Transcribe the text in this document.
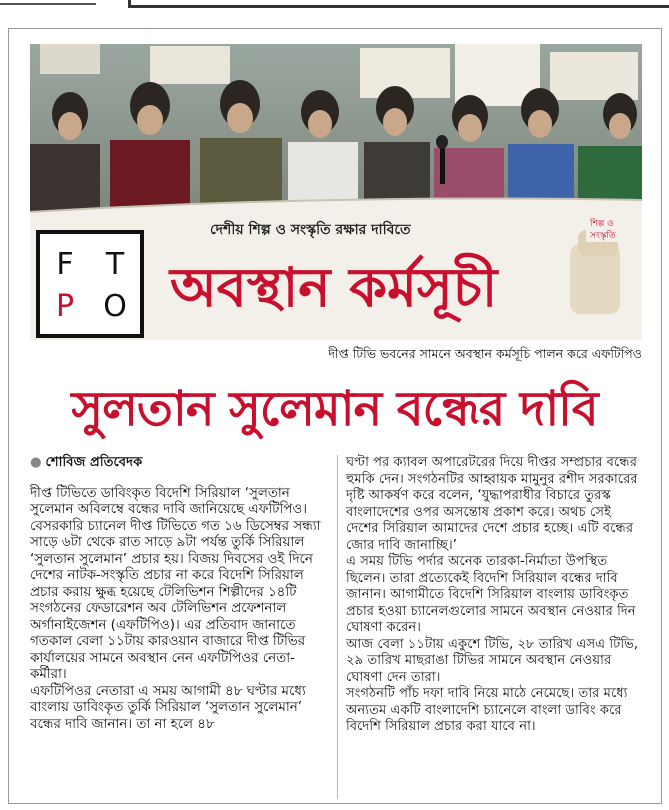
শিল্প ও
সংস্কৃতি
F T
P O
দেশীয় শিল্প ও সংস্কৃতি রক্ষার দাবিতে
অবস্থান কর্মসূচী
দীপ্ত টিভি ভবনের সামনে অবস্থান কর্মসূচি পালন করে এফটিপিও
সুলতান সুলেমান বন্ধের দাবি

● শোবিজ প্রতিবেদক

দীপ্ত টিভিতে ডাবিংকৃত বিদেশি সিরিয়াল ‘সুলতান সুলেমান অবিলম্বে বন্ধের দাবি জানিয়েছে এফটিপিও।

বেসরকারি চ্যানেল দীপ্ত টিভিতে গত ১৬ ডিসেম্বর সন্ধ্যা সাড়ে ৬টা থেকে রাত সাড়ে ৯টা পর্যন্ত তুর্কি সিরিয়াল ‘সুলতান সুলেমান’ প্রচার হয়। বিজয় দিবসের ওই দিনে দেশের নাটক-সংস্কৃতি প্রচার না করে বিদেশি সিরিয়াল প্রচার করায় ক্ষুব্ধ হয়েছে টেলিভিশন শিল্পীদের ১৪টি সংগঠনের ফেডারেশন অব টেলিভিশন প্রফেশনাল অর্গানাইজেশন (এফটিপিও)। এর প্রতিবাদ জানাতে গতকাল বেলা ১১টায় কারওয়ান বাজারে দীপ্ত টিভির কার্যালয়ের সামনে অবস্থান নেন এফটিপিওর নেতা-কর্মীরা।

এফটিপিওর নেতারা এ সময় আগামী ৪৮ ঘণ্টার মধ্যে বাংলায় ডাবিংকৃত তুর্কি সিরিয়াল ‘সুলতান সুলেমান’ বন্ধের দাবি জানান। তা না হলে ৪৮

ঘণ্টা পর ক্যাবল অপারেটরের দিয়ে দীপ্তর সম্প্রচার বন্ধের হুমকি দেন। সংগঠনটির আহ্বায়ক মামুনুর রশীদ সরকারের দৃষ্টি আকর্ষণ করে বলেন, ‘যুদ্ধাপরাধীর বিচারে তুরস্ক বাংলাদেশের ওপর অসন্তোষ প্রকাশ করে। অথচ সেই দেশের সিরিয়াল আমাদের দেশে প্রচার হচ্ছে। এটি বন্ধের জোর দাবি জানাচ্ছি।’

এ সময় টিভি পর্দার অনেক তারকা-নির্মাতা উপস্থিত ছিলেন। তারা প্রত্যেকেই বিদেশি সিরিয়াল বন্ধের দাবি জানান। আগামীতে বিদেশি সিরিয়াল বাংলায় ডাবিংকৃত প্রচার হওয়া চ্যানেলগুলোর সামনে অবস্থান নেওয়ার দিন ঘোষণা করেন।

আজ বেলা ১১টায় একুশে টিভি, ২৮ তারিখ এসএ টিভি, ২৯ তারিখ মাছরাঙা টিভির সামনে অবস্থান নেওয়ার ঘোষণা দেন তারা।

সংগঠনটি পাঁচ দফা দাবি নিয়ে মাঠে নেমেছে। তার মধ্যে অন্যতম একটি বাংলাদেশি চ্যানেলে বাংলা ডাবিং করে বিদেশি সিরিয়াল প্রচার করা যাবে না।
